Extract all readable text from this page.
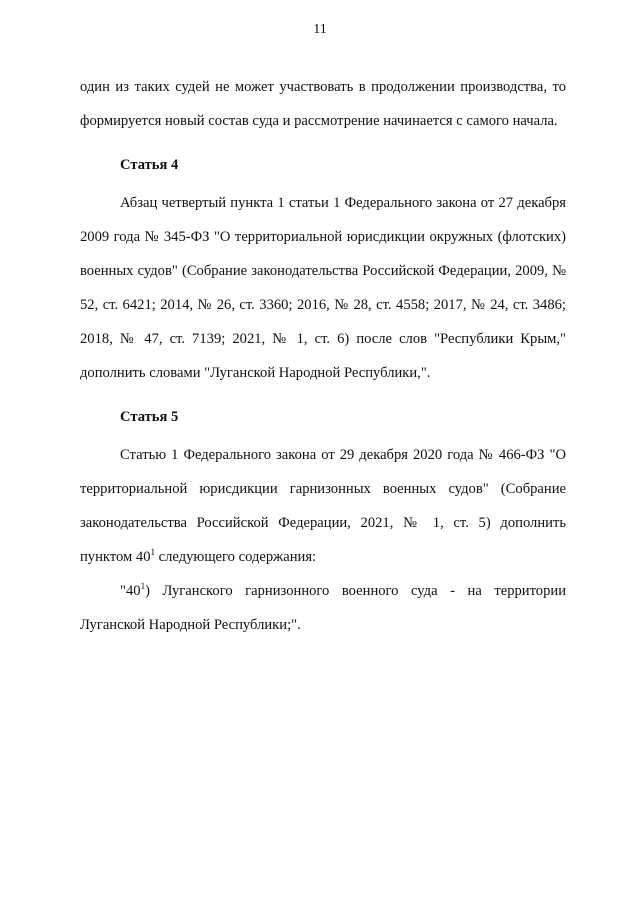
11

один из таких судей не может участвовать в продолжении производства, то формируется новый состав суда и рассмотрение начинается с самого начала.

Статья 4

Абзац четвертый пункта 1 статьи 1 Федерального закона от 27 декабря 2009 года № 345-ФЗ "О территориальной юрисдикции окружных (флотских) военных судов" (Собрание законодательства Российской Федерации, 2009, № 52, ст. 6421; 2014, № 26, ст. 3360; 2016, № 28, ст. 4558; 2017, № 24, ст. 3486; 2018, № 47, ст. 7139; 2021, № 1, ст. 6) после слов "Республики Крым," дополнить словами "Луганской Народной Республики,".

Статья 5

Статью 1 Федерального закона от 29 декабря 2020 года № 466-ФЗ "О территориальной юрисдикции гарнизонных военных судов" (Собрание законодательства Российской Федерации, 2021, № 1, ст. 5) дополнить пунктом $40^1$ следующего содержания:

"$40^1$) Луганского гарнизонного военного суда - на территории Луганской Народной Республики;".
